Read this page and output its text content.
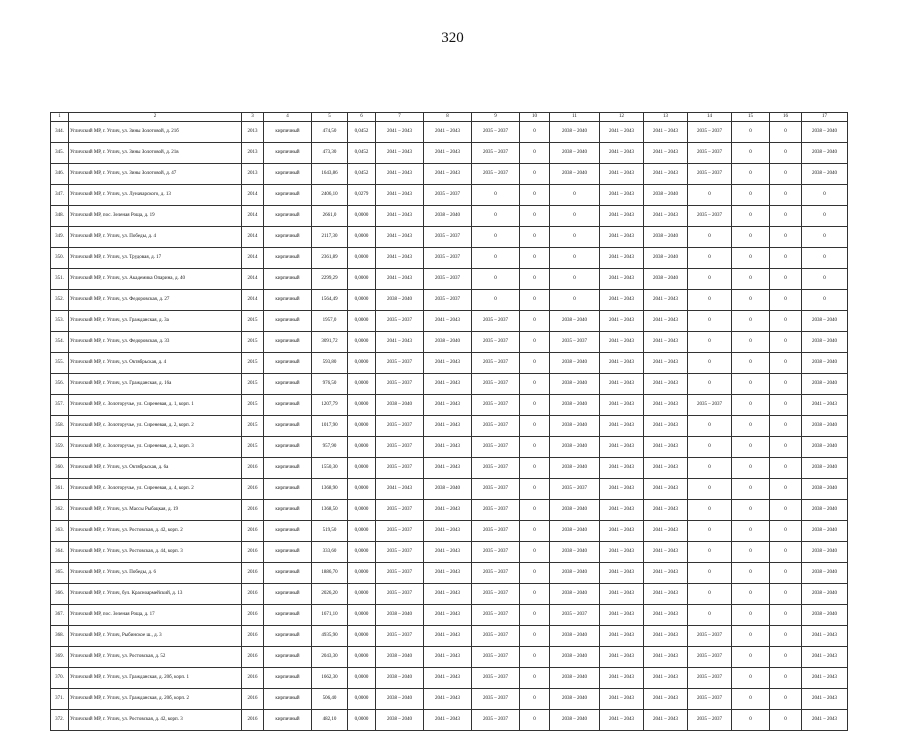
320
1	2	3	4	5	6	7	8	9	10	11	12	13	14	15	16	17
344.	Угличский МР, г. Углич, ул. Зины Золотовой, д. 21б	2013	кирпичный	474,50	0,0452	2041 – 2043	2041 – 2043	2035 – 2037	0	2038 – 2040	2041 – 2043	2041 – 2043	2035 – 2037	0	0	2038 – 2040
345.	Угличский МР, г. Углич, ул. Зины Золотовой, д. 21в	2013	кирпичный	473,30	0,0452	2041 – 2043	2041 – 2043	2035 – 2037	0	2038 – 2040	2041 – 2043	2041 – 2043	2035 – 2037	0	0	2038 – 2040
346.	Угличский МР, г. Углич, ул. Зины Золотовой, д. 47	2013	кирпичный	1643,86	0,0452	2041 – 2043	2041 – 2043	2035 – 2037	0	2038 – 2040	2041 – 2043	2041 – 2043	2035 – 2037	0	0	2038 – 2040
347.	Угличский МР, г. Углич, ул. Луначарского, д. 13	2014	кирпичный	2406,10	0,0279	2041 – 2043	2035 – 2037	0	0	0	2041 – 2043	2038 – 2040	0	0	0	0
348.	Угличский МР, пос. Зеленая Роща, д. 19	2014	кирпичный	2661,0	0,0000	2041 – 2043	2038 – 2040	0	0	0	2041 – 2043	2041 – 2043	2035 – 2037	0	0	0
349.	Угличский МР, г. Углич, ул. Победы, д. 4	2014	кирпичный	2117,30	0,0000	2041 – 2043	2035 – 2037	0	0	0	2041 – 2043	2038 – 2040	0	0	0	0
350.	Угличский МР, г. Углич, ул. Трудовая, д. 17	2014	кирпичный	2361,89	0,0000	2041 – 2043	2035 – 2037	0	0	0	2041 – 2043	2038 – 2040	0	0	0	0
351.	Угличский МР, г. Углич, ул. Академика Опарина, д. 40	2014	кирпичный	2299,29	0,0000	2041 – 2043	2035 – 2037	0	0	0	2041 – 2043	2038 – 2040	0	0	0	0
352.	Угличский МР, г. Углич, ул. Федоровская, д. 27	2014	кирпичный	1564,49	0,0000	2038 – 2040	2035 – 2037	0	0	0	2041 – 2043	2041 – 2043	0	0	0	0
353.	Угличский МР, г. Углич, ул. Гражданская, д. 3а	2015	кирпичный	1957,0	0,0000	2035 – 2037	2041 – 2043	2035 – 2037	0	2038 – 2040	2041 – 2043	2041 – 2043	0	0	0	2038 – 2040
354.	Угличский МР, г. Углич, ул. Федоровская, д. 33	2015	кирпичный	3091,72	0,0000	2041 – 2043	2038 – 2040	2035 – 2037	0	2035 – 2037	2041 – 2043	2041 – 2043	0	0	0	2038 – 2040
355.	Угличский МР, г. Углич, ул. Октябрьская, д. 4	2015	кирпичный	593,80	0,0000	2035 – 2037	2041 – 2043	2035 – 2037	0	2038 – 2040	2041 – 2043	2041 – 2043	0	0	0	2038 – 2040
356.	Угличский МР, г. Углич, ул. Гражданская, д. 16а	2015	кирпичный	976,50	0,0000	2035 – 2037	2041 – 2043	2035 – 2037	0	2038 – 2040	2041 – 2043	2041 – 2043	0	0	0	2038 – 2040
357.	Угличский МР, с. Золоторучье, ул. Сиреневая, д. 1, корп. 1	2015	кирпичный	1207,79	0,0000	2038 – 2040	2041 – 2043	2035 – 2037	0	2038 – 2040	2041 – 2043	2041 – 2043	2035 – 2037	0	0	2041 – 2043
358.	Угличский МР, с. Золоторучье, ул. Сиреневая, д. 2, корп. 2	2015	кирпичный	1017,90	0,0000	2035 – 2037	2041 – 2043	2035 – 2037	0	2038 – 2040	2041 – 2043	2041 – 2043	0	0	0	2038 – 2040
359.	Угличский МР, с. Золоторучье, ул. Сиреневая, д. 2, корп. 3	2015	кирпичный	957,90	0,0000	2035 – 2037	2041 – 2043	2035 – 2037	0	2038 – 2040	2041 – 2043	2041 – 2043	0	0	0	2038 – 2040
360.	Угличский МР, г. Углич, ул. Октябрьская, д. 6а	2016	кирпичный	1550,30	0,0000	2035 – 2037	2041 – 2043	2035 – 2037	0	2038 – 2040	2041 – 2043	2041 – 2043	0	0	0	2038 – 2040
361.	Угличский МР, с. Золоторучье, ул. Сиреневая, д. 4, корп. 2	2016	кирпичный	1368,90	0,0000	2041 – 2043	2038 – 2040	2035 – 2037	0	2035 – 2037	2041 – 2043	2041 – 2043	0	0	0	2038 – 2040
362.	Угличский МР, г. Углич, ул. Массы Рыбацкая, д. 19	2016	кирпичный	1368,50	0,0000	2035 – 2037	2041 – 2043	2035 – 2037	0	2038 – 2040	2041 – 2043	2041 – 2043	0	0	0	2038 – 2040
363.	Угличский МР, г. Углич, ул. Ростовская, д. 42, корп. 2	2016	кирпичный	519,50	0,0000	2035 – 2037	2041 – 2043	2035 – 2037	0	2038 – 2040	2041 – 2043	2041 – 2043	0	0	0	2038 – 2040
364.	Угличский МР, г. Углич, ул. Ростовская, д. 44, корп. 3	2016	кирпичный	333,60	0,0000	2035 – 2037	2041 – 2043	2035 – 2037	0	2038 – 2040	2041 – 2043	2041 – 2043	0	0	0	2038 – 2040
365.	Угличский МР, г. Углич, ул. Победы, д. 6	2016	кирпичный	1886,70	0,0000	2035 – 2037	2041 – 2043	2035 – 2037	0	2038 – 2040	2041 – 2043	2041 – 2043	0	0	0	2038 – 2040
366.	Угличский МР, г. Углич, бул. Красноармейский, д. 13	2016	кирпичный	2026,20	0,0000	2035 – 2037	2041 – 2043	2035 – 2037	0	2038 – 2040	2041 – 2043	2041 – 2043	0	0	0	2038 – 2040
367.	Угличский МР, пос. Зеленая Роща, д. 17	2016	кирпичный	1671,10	0,0000	2038 – 2040	2041 – 2043	2035 – 2037	0	2035 – 2037	2041 – 2043	2041 – 2043	0	0	0	2038 – 2040
368.	Угличский МР, г. Углич, Рыбинское ш., д. 3	2016	кирпичный	4935,90	0,0000	2035 – 2037	2041 – 2043	2035 – 2037	0	2038 – 2040	2041 – 2043	2041 – 2043	2035 – 2037	0	0	2041 – 2043
369.	Угличский МР, г. Углич, ул. Ростовская, д. 52	2016	кирпичный	2043,30	0,0000	2038 – 2040	2041 – 2043	2035 – 2037	0	2038 – 2040	2041 – 2043	2041 – 2043	2035 – 2037	0	0	2041 – 2043
370.	Угличский МР, г. Углич, ул. Гражданская, д. 20б, корп. 1	2016	кирпичный	1662,30	0,0000	2038 – 2040	2041 – 2043	2035 – 2037	0	2038 – 2040	2041 – 2043	2041 – 2043	2035 – 2037	0	0	2041 – 2043
371.	Угличский МР, г. Углич, ул. Гражданская, д. 20б, корп. 2	2016	кирпичный	506,40	0,0000	2038 – 2040	2041 – 2043	2035 – 2037	0	2038 – 2040	2041 – 2043	2041 – 2043	2035 – 2037	0	0	2041 – 2043
372.	Угличский МР, г. Углич, ул. Ростовская, д. 42, корп. 3	2016	кирпичный	482,10	0,0000	2038 – 2040	2041 – 2043	2035 – 2037	0	2038 – 2040	2041 – 2043	2041 – 2043	2035 – 2037	0	0	2041 – 2043
